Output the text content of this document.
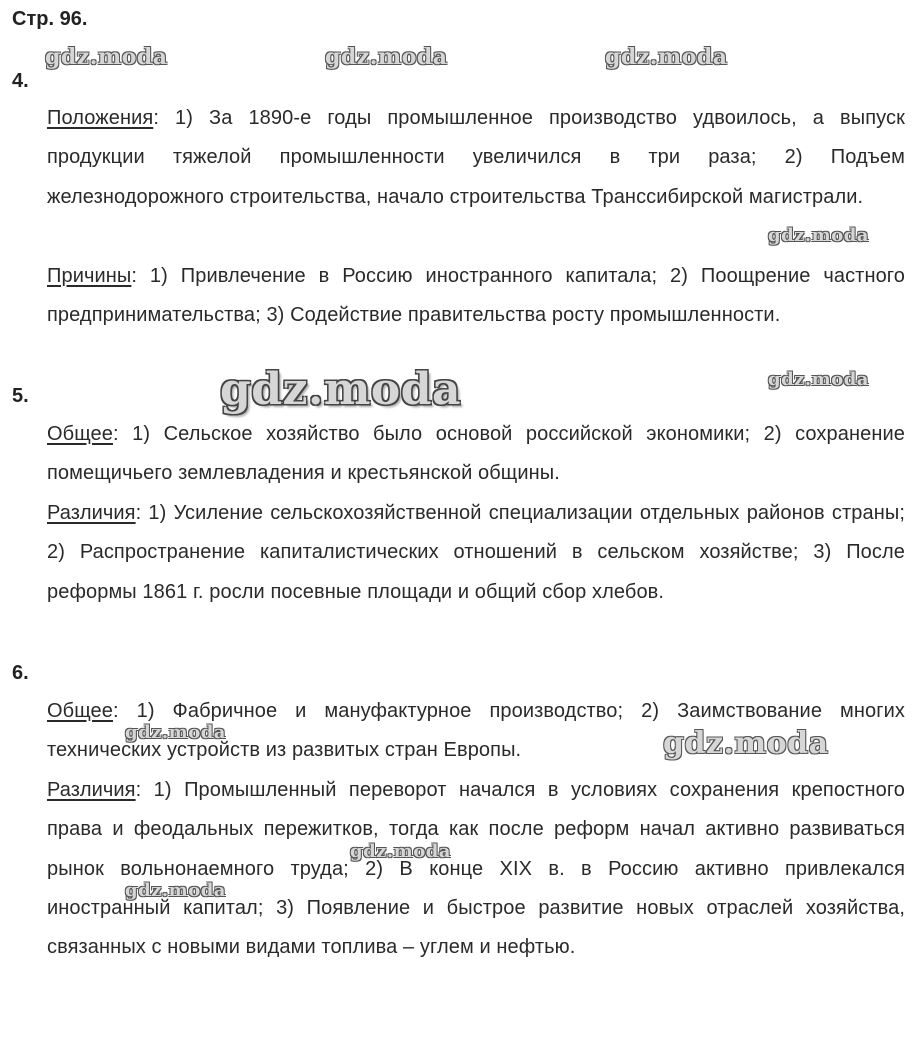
Стр. 96.
4.

Положения: 1) За 1890-е годы промышленное производство удвоилось, а выпуск продукции тяжелой промышленности увеличился в три раза; 2) Подъем железнодорожного строительства, начало строительства Транссибирской магистрали.

Причины: 1) Привлечение в Россию иностранного капитала; 2) Поощрение частного предпринимательства; 3) Содействие правительства росту промышленности.

5.

Общее: 1) Сельское хозяйство было основой российской экономики; 2) сохранение помещичьего землевладения и крестьянской общины.

Различия: 1) Усиление сельскохозяйственной специализации отдельных районов страны; 2) Распространение капиталистических отношений в сельском хозяйстве; 3) После реформы 1861 г. росли посевные площади и общий сбор хлебов.

6.

Общее: 1) Фабричное и мануфактурное производство; 2) Заимствование многих технических устройств из развитых стран Европы.

Различия: 1) Промышленный переворот начался в условиях сохранения крепостного права и феодальных пережитков, тогда как после реформ начал активно развиваться рынок вольнонаемного труда; 2) В конце XIX в. в Россию активно привлекался иностранный капитал; 3) Появление и быстрое развитие новых отраслей хозяйства, связанных с новыми видами топлива – углем и нефтью.

gdz.moda	gdz.moda	gdz.moda
gdz.moda
gdz.moda	gdz.moda
gdz.moda	gdz.moda
gdz.moda
gdz.moda
